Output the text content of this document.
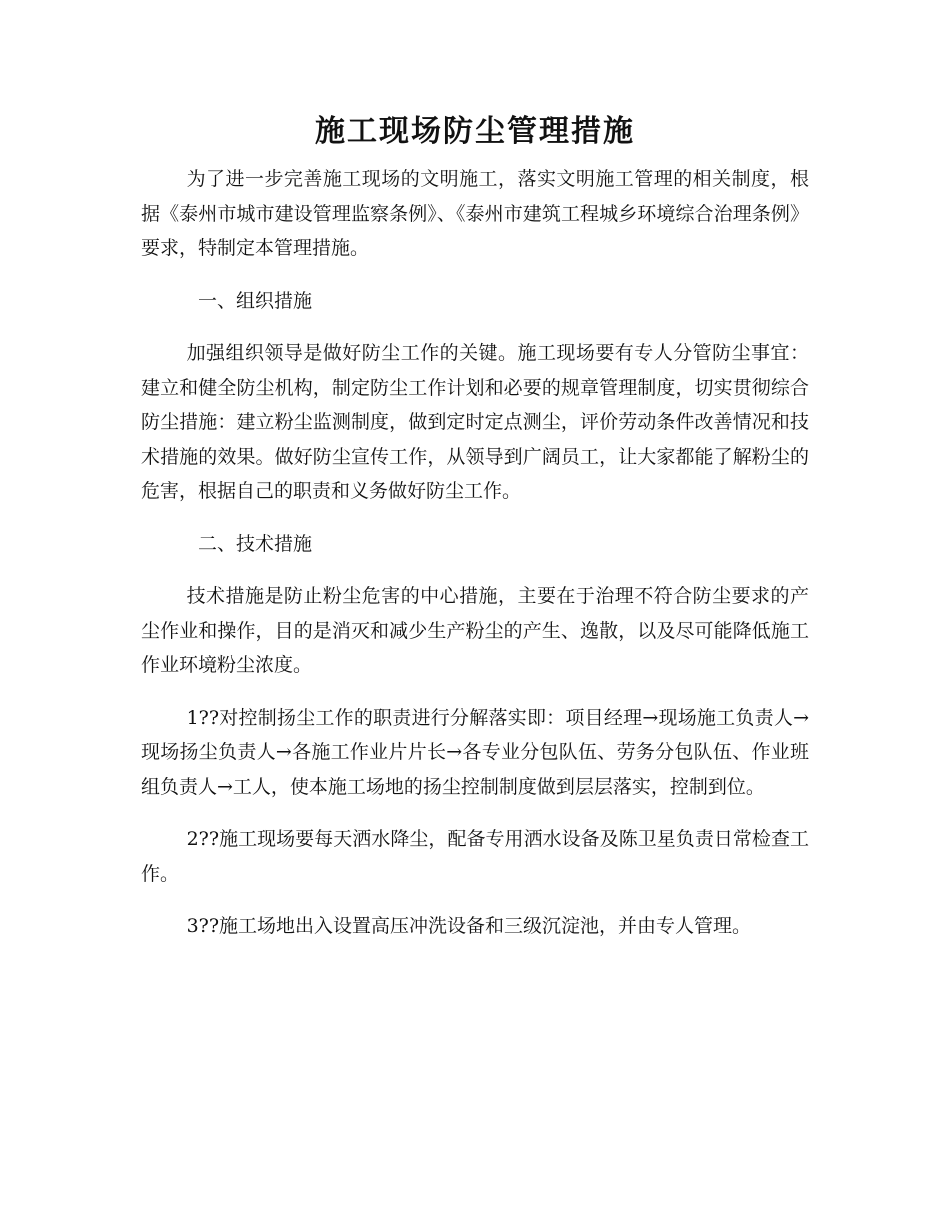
施工现场防尘管理措施

为了进一步完善施工现场的文明施工，落实文明施工管理的相关制度，根据《泰州市城市建设管理监察条例》、《泰州市建筑工程城乡环境综合治理条例》要求，特制定本管理措施。

一、组织措施

加强组织领导是做好防尘工作的关键。施工现场要有专人分管防尘事宜：建立和健全防尘机构，制定防尘工作计划和必要的规章管理制度，切实贯彻综合防尘措施：建立粉尘监测制度，做到定时定点测尘，评价劳动条件改善情况和技术措施的效果。做好防尘宣传工作，从领导到广阔员工，让大家都能了解粉尘的危害，根据自己的职责和义务做好防尘工作。

二、技术措施

技术措施是防止粉尘危害的中心措施，主要在于治理不符合防尘要求的产尘作业和操作，目的是消灭和减少生产粉尘的产生、逸散，以及尽可能降低施工作业环境粉尘浓度。

1??对控制扬尘工作的职责进行分解落实即：项目经理→现场施工负责人→现场扬尘负责人→各施工作业片片长→各专业分包队伍、劳务分包队伍、作业班组负责人→工人，使本施工场地的扬尘控制制度做到层层落实，控制到位。

2??施工现场要每天洒水降尘，配备专用洒水设备及陈卫星负责日常检查工作。

3??施工场地出入设置高压冲洗设备和三级沉淀池，并由专人管理。
